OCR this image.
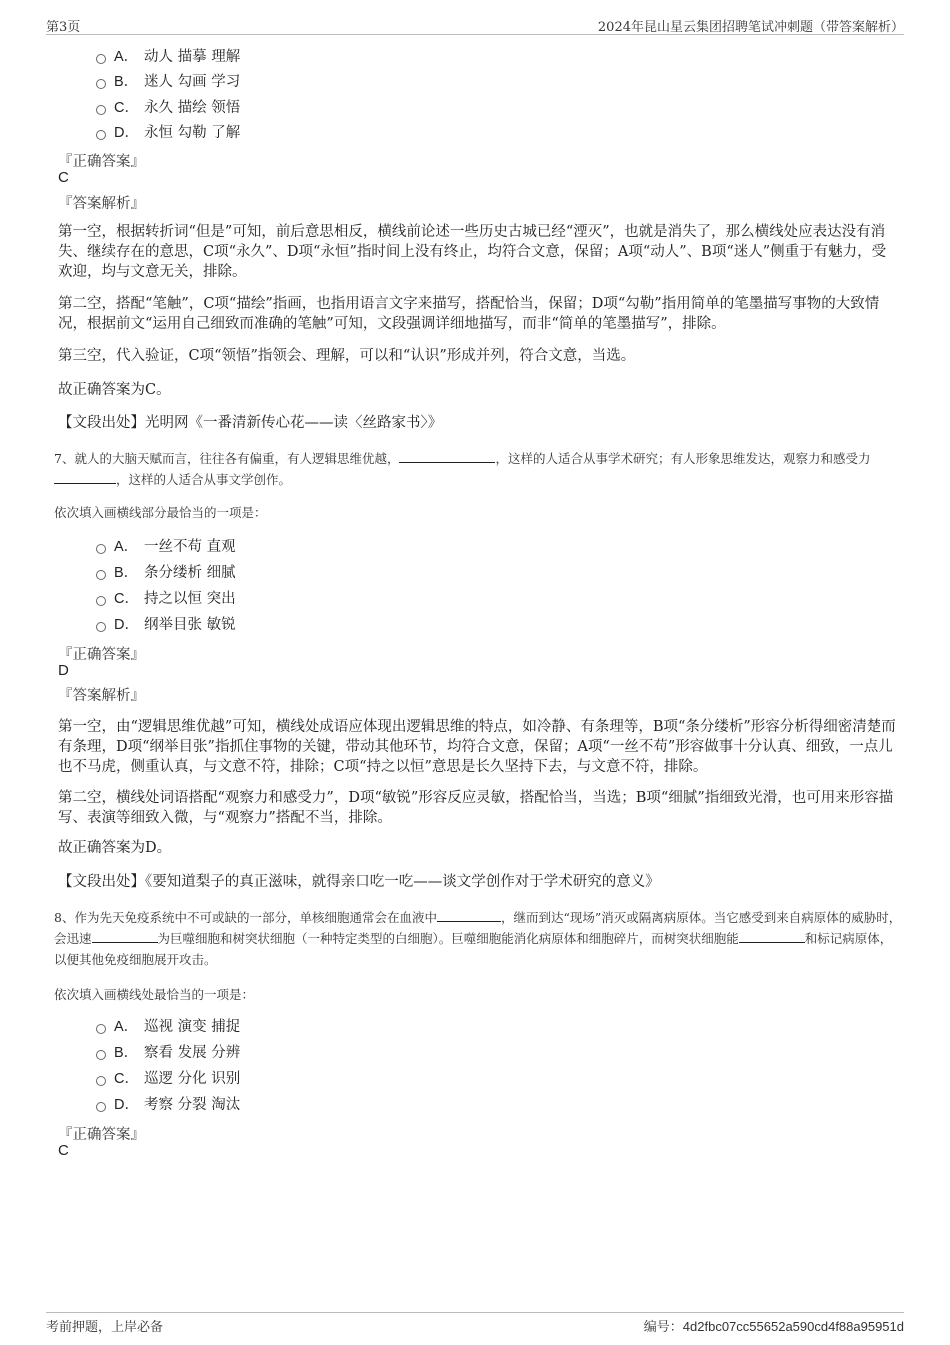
第3页	2024年昆山星云集团招聘笔试冲刺题（带答案解析）
A． 动人 描摹 理解
B． 迷人 勾画 学习
C． 永久 描绘 领悟
D． 永恒 勾勒 了解
『正确答案』
C
『答案解析』
第一空，根据转折词“但是”可知，前后意思相反，横线前论述一些历史古城已经“湮灭”，也就是消失了，那么横线处应表达没有消失、继续存在的意思，C项“永久”、D项“永恒”指时间上没有终止，均符合文意，保留；A项“动人”、B项“迷人”侧重于有魅力，受欢迎，均与文意无关，排除。
第二空，搭配“笔触”，C项“描绘”指画，也指用语言文字来描写，搭配恰当，保留；D项“勾勒”指用简单的笔墨描写事物的大致情况，根据前文“运用自己细致而准确的笔触”可知，文段强调详细地描写，而非“简单的笔墨描写”，排除。
第三空，代入验证，C项“领悟”指领会、理解，可以和“认识”形成并列，符合文意，当选。
故正确答案为C。
【文段出处】光明网《一番清新传心花——读〈丝路家书〉》
7、就人的大脑天赋而言，往往各有偏重，有人逻辑思维优越，	，这样的人适合从事学术研究；有人形象思维发达，观察力和感受力，这样的人适合从事文学创作。
依次填入画横线部分最恰当的一项是：
A． 一丝不苟 直观
B． 条分缕析 细腻
C． 持之以恒 突出
D． 纲举目张 敏锐
『正确答案』
D
『答案解析』
第一空，由“逻辑思维优越”可知，横线处成语应体现出逻辑思维的特点，如冷静、有条理等，B项“条分缕析”形容分析得细密清楚而有条理，D项“纲举目张”指抓住事物的关键，带动其他环节，均符合文意，保留；A项“一丝不苟”形容做事十分认真、细致，一点儿也不马虎，侧重认真，与文意不符，排除；C项“持之以恒”意思是长久坚持下去，与文意不符，排除。
第二空，横线处词语搭配“观察力和感受力”，D项“敏锐”形容反应灵敏，搭配恰当，当选；B项“细腻”指细致光滑，也可用来形容描写、表演等细致入微，与“观察力”搭配不当，排除。
故正确答案为D。
【文段出处】《要知道梨子的真正滋味，就得亲口吃一吃——谈文学创作对于学术研究的意义》
8、作为先天免疫系统中不可或缺的一部分，单核细胞通常会在血液中	，继而到达“现场”消灭或隔离病原体。当它感受到来自病原体的威胁时，会迅速	为巨噬细胞和树突状细胞（一种特定类型的白细胞）。巨噬细胞能消化病原体和细胞碎片，而树突状细胞能	和标记病原体，以便其他免疫细胞展开攻击。
依次填入画横线处最恰当的一项是：
A． 巡视 演变 捕捉
B． 察看 发展 分辨
C． 巡逻 分化 识别
D． 考察 分裂 淘汰
『正确答案』
C
考前押题，上岸必备	编号：4d2fbc07cc55652a590cd4f88a95951d
